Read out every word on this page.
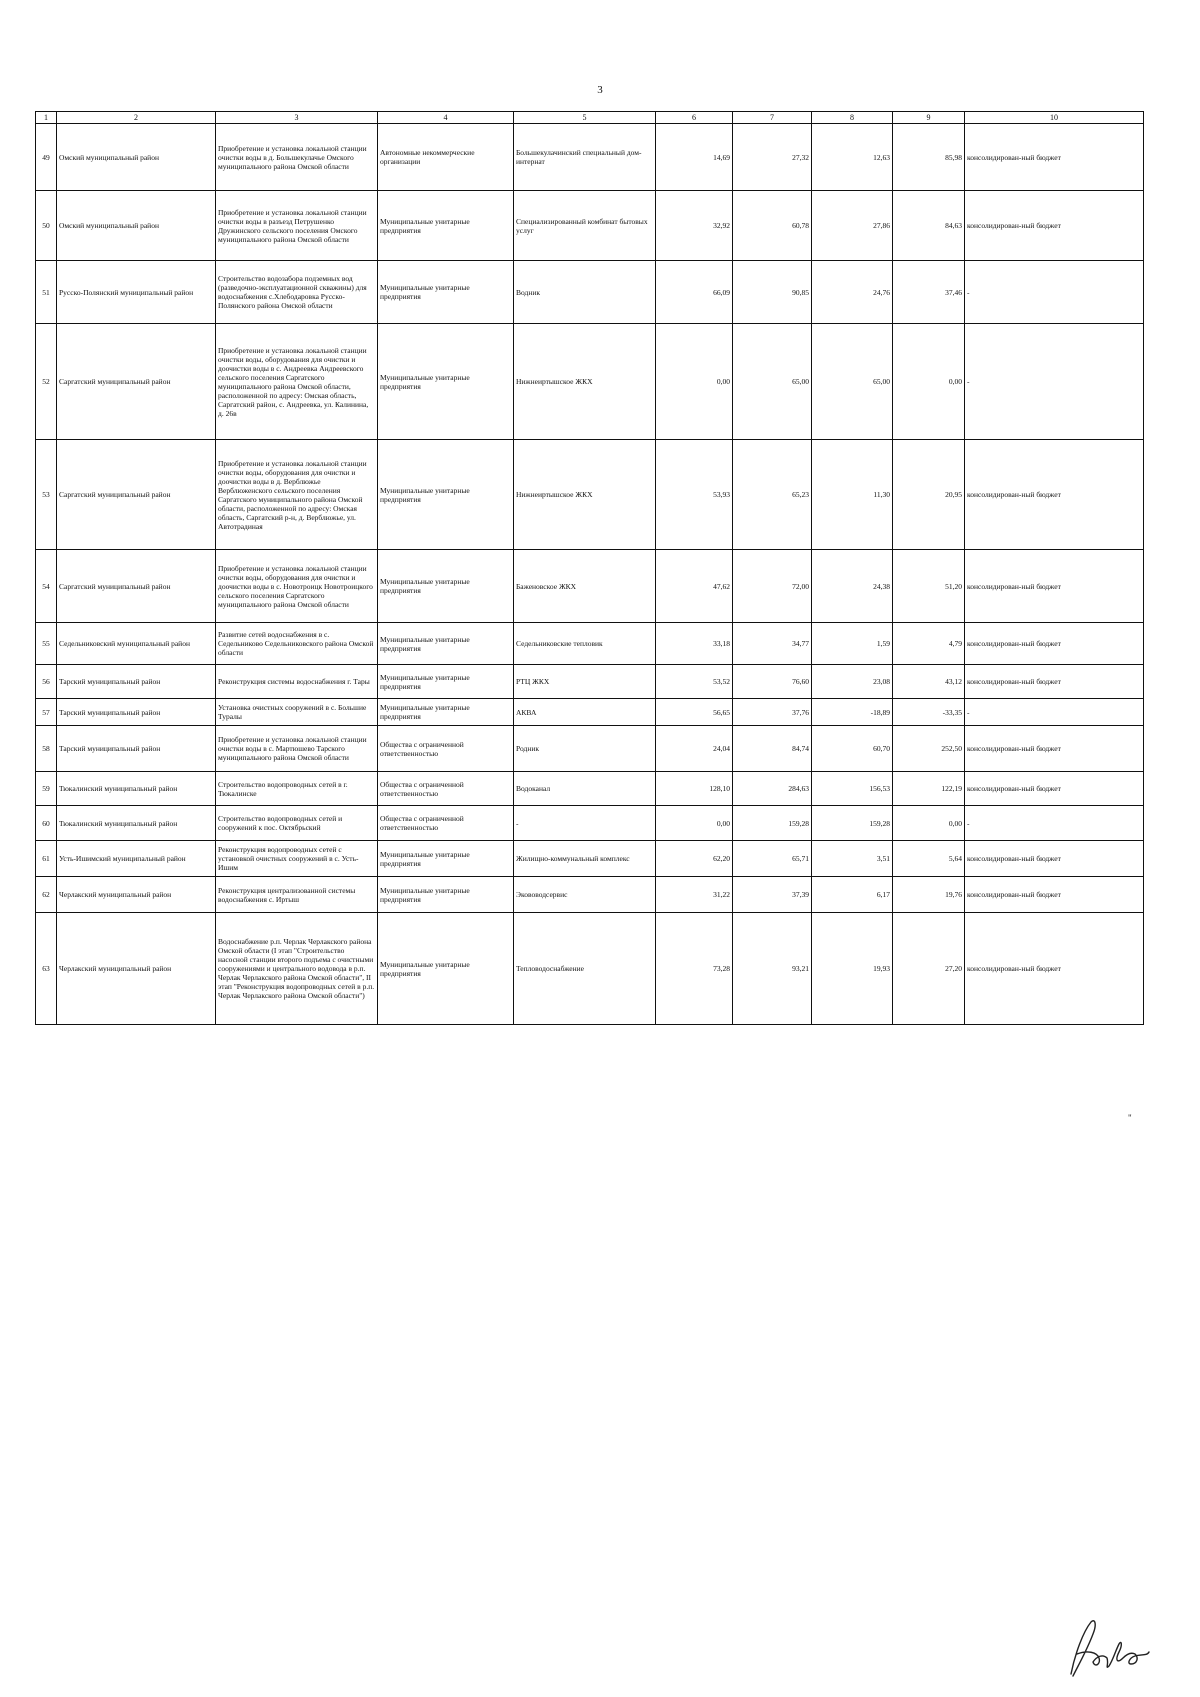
3
1	2	3	4	5	6	7	8	9	10
49	Омский муниципальный район	Приобретение и установка локальной станции очистки воды в д. Большекулачье Омского муниципального района Омской области	Автономные некоммерческие организации	Большекулачинский специальный дом-интернат	14,69	27,32	12,63	85,98	консолидирован-ный бюджет
50	Омский муниципальный район	Приобретение и установка локальной станции очистки воды в разъезд Петрушенко Дружинского сельского поселения Омского муниципального района Омской области	Муниципальные унитарные предприятия	Специализированный комбинат бытовых услуг	32,92	60,78	27,86	84,63	консолидирован-ный бюджет
51	Русско-Полянский муниципальный район	Строительство водозабора подземных вод (разведочно-эксплуатационной скважины) для водоснабжения с.Хлебодаровка Русско-Полянского района Омской области	Муниципальные унитарные предприятия	Водник	66,09	90,85	24,76	37,46	-
52	Саргатский муниципальный район	Приобретение и установка локальной станции очистки воды, оборудования для очистки и доочистки воды в с. Андреевка Андреевского сельского поселения Саргатского муниципального района Омской области, расположенной по адресу: Омская область, Саргатский район, с. Андреевка, ул. Калинина, д. 26в	Муниципальные унитарные предприятия	Нижнеиртышское ЖКХ	0,00	65,00	65,00	0,00	-
53	Саргатский муниципальный район	Приобретение и установка локальной станции очистки воды, оборудования для очистки и доочистки воды в д. Верблюжье Верблюженского сельского поселения Саргатского муниципального района Омской области, расположенной по адресу: Омская область, Саргатский р-н, д. Верблюжье, ул. Автотрадиная	Муниципальные унитарные предприятия	Нижнеиртышское ЖКХ	53,93	65,23	11,30	20,95	консолидирован-ный бюджет
54	Саргатский муниципальный район	Приобретение и установка локальной станции очистки воды, оборудования для очистки и доочистки воды в с. Новотроицк Новотроицкого сельского поселения Саргатского муниципального района Омской области	Муниципальные унитарные предприятия	Баженовское ЖКХ	47,62	72,00	24,38	51,20	консолидирован-ный бюджет
55	Седельниковский муниципальный район	Развитие сетей водоснабжения в с. Седельниково Седельниковского района Омской области	Муниципальные унитарные предприятия	Седельниковские тепловик	33,18	34,77	1,59	4,79	консолидирован-ный бюджет
56	Тарский муниципальный район	Реконструкция системы водоснабжения г. Тары	Муниципальные унитарные предприятия	РТЦ ЖКХ	53,52	76,60	23,08	43,12	консолидирован-ный бюджет
57	Тарский муниципальный район	Установка очистных сооружений в с. Большие Туралы	Муниципальные унитарные предприятия	АКВА	56,65	37,76	-18,89	-33,35	-
58	Тарский муниципальный район	Приобретение и установка локальной станции очистки воды в с. Мартюшево Тарского муниципального района Омской области	Общества с ограниченной ответственностью	Родник	24,04	84,74	60,70	252,50	консолидирован-ный бюджет
59	Тюкалинский муниципальный район	Строительство водопроводных сетей в г. Тюкалинске	Общества с ограниченной ответственностью	Водоканал	128,10	284,63	156,53	122,19	консолидирован-ный бюджет
60	Тюкалинский муниципальный район	Строительство водопроводных сетей и сооружений к пос. Октябрьский	Общества с ограниченной ответственностью	-	0,00	159,28	159,28	0,00	-
61	Усть-Ишимский муниципальный район	Реконструкция водопроводных сетей с установкой очистных сооружений в с. Усть-Ишим	Муниципальные унитарные предприятия	Жилищно-коммунальный комплекс	62,20	65,71	3,51	5,64	консолидирован-ный бюджет
62	Черлакский муниципальный район	Реконструкция централизованной системы водоснабжения с. Иртыш	Муниципальные унитарные предприятия	Экововодсервис	31,22	37,39	6,17	19,76	консолидирован-ный бюджет
63	Черлакский муниципальный район	Водоснабжение р.п. Черлак Черлакского района Омской области (I этап "Строительство насосной станции второго подъема с очистными сооружениями и центрального водовода в р.п. Черлак Черлакского района Омской области", II этап "Реконструкция водопроводных сетей в р.п. Черлак Черлакского района Омской области")	Муниципальные унитарные предприятия	Тепловодоснабжение	73,28	93,21	19,93	27,20	консолидирован-ный бюджет
"
